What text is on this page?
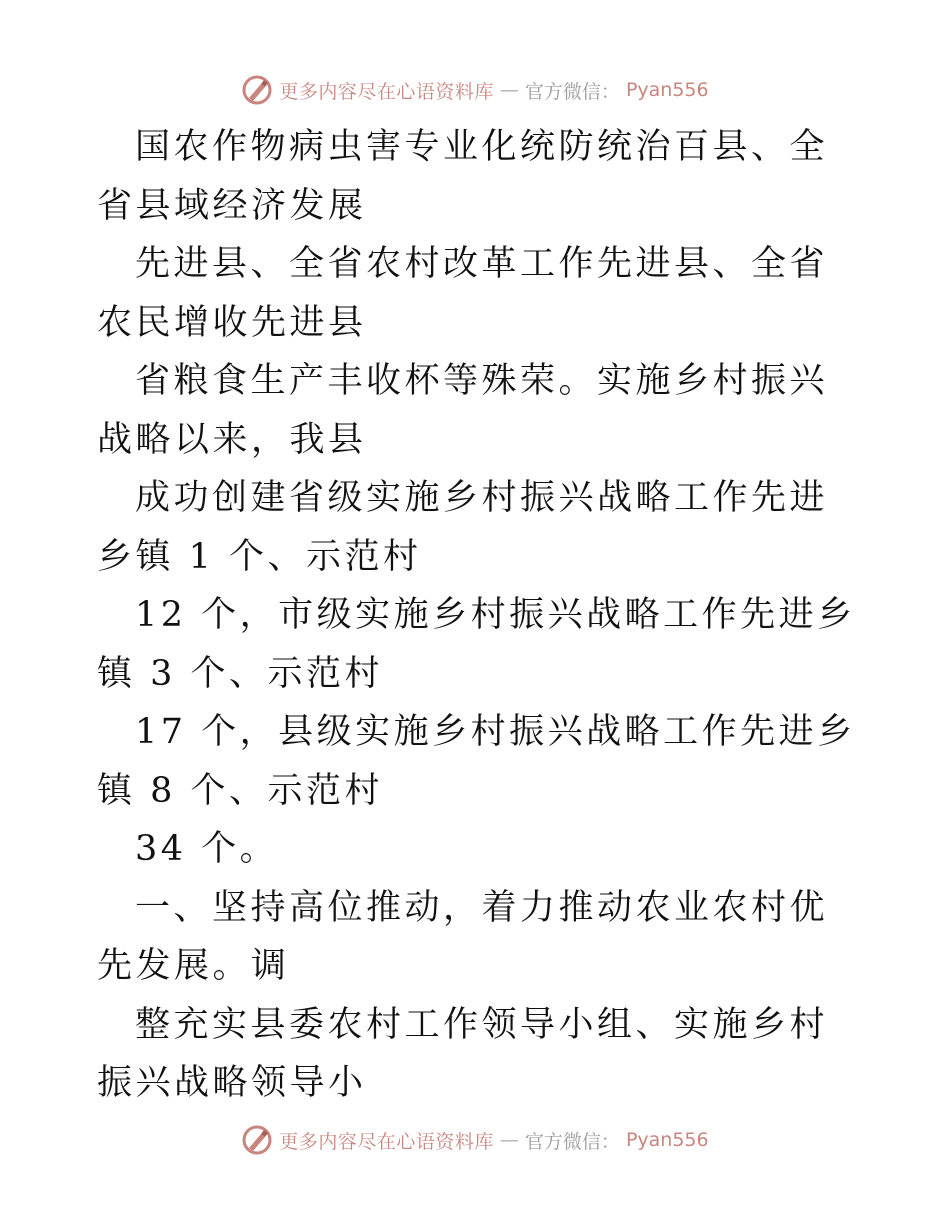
更多内容尽在心语资料库 — 官方微信： Pyan556

国农作物病虫害专业化统防统治百县、全省县域经济发展

先进县、全省农村改革工作先进县、全省农民增收先进县

省粮食生产丰收杯等殊荣。实施乡村振兴战略以来，我县

成功创建省级实施乡村振兴战略工作先进乡镇 1 个、示范村

12 个，市级实施乡村振兴战略工作先进乡镇 3 个、示范村

17 个，县级实施乡村振兴战略工作先进乡镇 8 个、示范村

34 个。

一、坚持高位推动，着力推动农业农村优先发展。调

整充实县委农村工作领导小组、实施乡村振兴战略领导小

更多内容尽在心语资料库 — 官方微信： Pyan556
